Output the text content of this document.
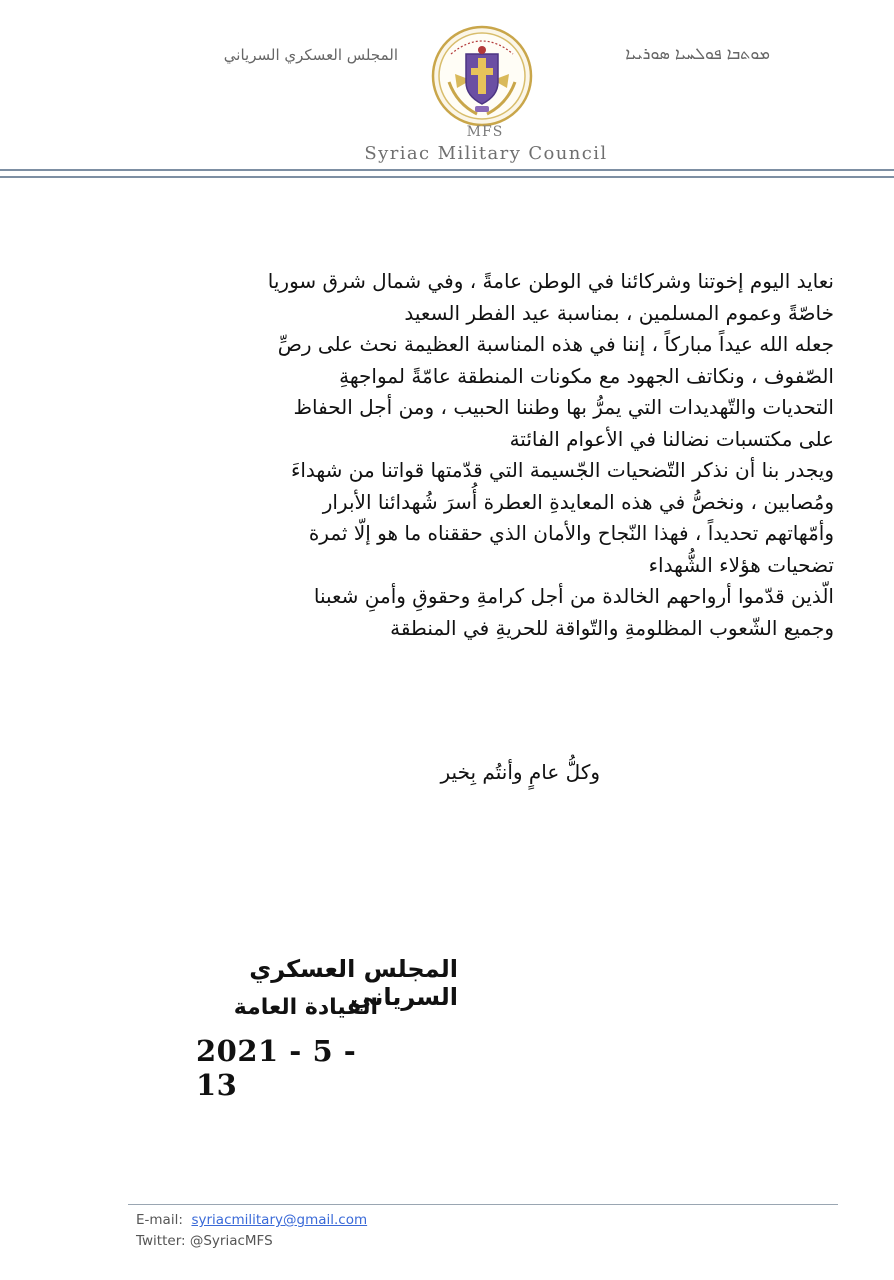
المجلس العسكري السرياني
MFS
ܡܘܬܒܐ ܦܘܠܚܝܐ ܣܘܪܝܝܐ
Syriac Military Council
نعايد اليوم إخوتنا وشركائنا في الوطن عامةً ، وفي شمال شرق سوريا
خاصّةً وعموم المسلمين ، بمناسبة عيد الفطر السعيد
جعله الله عيداً مباركاً ، إننا في هذه المناسبة العظيمة نحث على رصِّ
الصّفوف ، ونكاتف الجهود مع مكونات المنطقة عامّةً لمواجهةِ
التحديات والتّهديدات التي يمرُّ بها وطننا الحبيب ، ومن أجل الحفاظ
على مكتسبات نضالنا في الأعوام الفائتة
ويجدر بنا أن نذكر التّضحيات الجّسيمة التي قدّمتها قواتنا من شهداءَ
ومُصابين ، ونخصُّ في هذه المعايدةِ العطرة أُسرَ شُهدائنا الأبرار
وأمّهاتهم تحديداً ، فهذا النّجاح والأمان الذي حققناه ما هو إلّا ثمرة
تضحيات هؤلاء الشُّهداء
الّذين قدّموا أرواحهم الخالدة من أجل كرامةِ وحقوقِ وأمنِ شعبنا
وجميع الشّعوب المظلومةِ والتّواقة للحريةِ في المنطقة
وكلُّ عامٍ وأنتُم بِخير
المجلس العسكري السرياني
القيادة العامة
2021 - 5 - 13
E-mail: syriacmilitary@gmail.com
Twitter: @SyriacMFS
